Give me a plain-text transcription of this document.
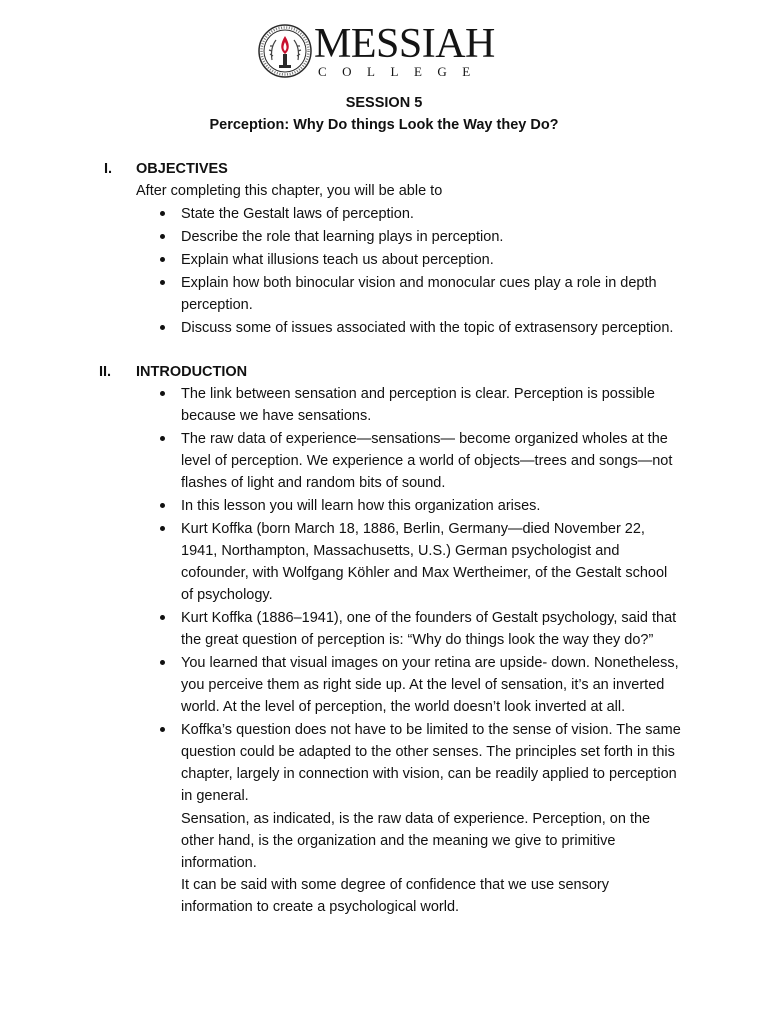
MESSIAH
COLLEGE
SESSION 5
Perception: Why Do things Look the Way they Do?
I. OBJECTIVES
After completing this chapter, you will be able to
State the Gestalt laws of perception.
Describe the role that learning plays in perception.
Explain what illusions teach us about perception.
Explain how both binocular vision and monocular cues play a role in depth perception.
Discuss some of issues associated with the topic of extrasensory perception.
II. INTRODUCTION
The link between sensation and perception is clear. Perception is possible because we have sensations.
The raw data of experience—sensations— become organized wholes at the level of perception. We experience a world of objects—trees and songs—not flashes of light and random bits of sound.
In this lesson you will learn how this organization arises.
Kurt Koffka (born March 18, 1886, Berlin, Germany—died November 22, 1941, Northampton, Massachusetts, U.S.) German psychologist and cofounder, with Wolfgang Köhler and Max Wertheimer, of the Gestalt school of psychology.
Kurt Koffka (1886–1941), one of the founders of Gestalt psychology, said that the great question of perception is: “Why do things look the way they do?”
You learned that visual images on your retina are upside- down. Nonetheless, you perceive them as right side up. At the level of sensation, it’s an inverted world. At the level of perception, the world doesn’t look inverted at all.
Koffka’s question does not have to be limited to the sense of vision. The same question could be adapted to the other senses. The principles set forth in this chapter, largely in connection with vision, can be readily applied to perception in general.

Sensation, as indicated, is the raw data of experience. Perception, on the other hand, is the organization and the meaning we give to primitive information.

It can be said with some degree of confidence that we use sensory information to create a psychological world.
